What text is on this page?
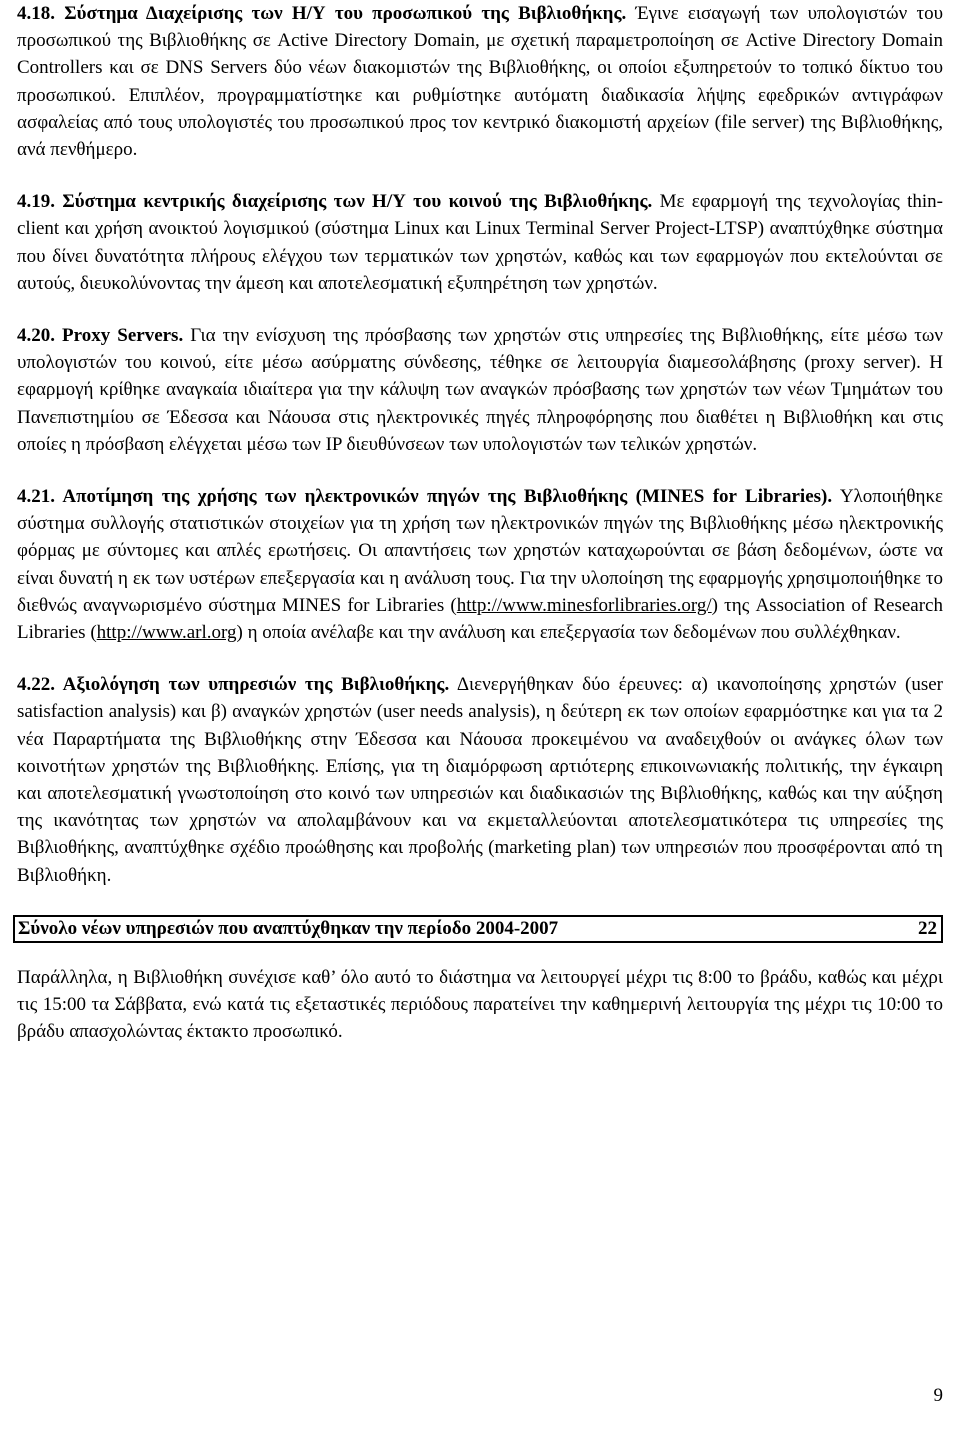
4.18. Σύστημα Διαχείρισης των Η/Υ του προσωπικού της Βιβλιοθήκης. Έγινε εισαγωγή των υπολογιστών του προσωπικού της Βιβλιοθήκης σε Active Directory Domain, με σχετική παραμετροποίηση σε Active Directory Domain Controllers και σε DNS Servers δύο νέων διακομιστών της Βιβλιοθήκης, οι οποίοι εξυπηρετούν το τοπικό δίκτυο του προσωπικού. Επιπλέον, προγραμματίστηκε και ρυθμίστηκε αυτόματη διαδικασία λήψης εφεδρικών αντιγράφων ασφαλείας από τους υπολογιστές του προσωπικού προς τον κεντρικό διακομιστή αρχείων (file server) της Βιβλιοθήκης, ανά πενθήμερο.

4.19. Σύστημα κεντρικής διαχείρισης των Η/Υ του κοινού της Βιβλιοθήκης. Με εφαρμογή της τεχνολογίας thin-client και χρήση ανοικτού λογισμικού (σύστημα Linux και Linux Terminal Server Project-LTSP) αναπτύχθηκε σύστημα που δίνει δυνατότητα πλήρους ελέγχου των τερματικών των χρηστών, καθώς και των εφαρμογών που εκτελούνται σε αυτούς, διευκολύνοντας την άμεση και αποτελεσματική εξυπηρέτηση των χρηστών.

4.20. Proxy Servers. Για την ενίσχυση της πρόσβασης των χρηστών στις υπηρεσίες της Βιβλιοθήκης, είτε μέσω των υπολογιστών του κοινού, είτε μέσω ασύρματης σύνδεσης, τέθηκε σε λειτουργία διαμεσολάβησης (proxy server). Η εφαρμογή κρίθηκε αναγκαία ιδιαίτερα για την κάλυψη των αναγκών πρόσβασης των χρηστών των νέων Τμημάτων του Πανεπιστημίου σε Έδεσσα και Νάουσα στις ηλεκτρονικές πηγές πληροφόρησης που διαθέτει η Βιβλιοθήκη και στις οποίες η πρόσβαση ελέγχεται μέσω των IP διευθύνσεων των υπολογιστών των τελικών χρηστών.

4.21. Αποτίμηση της χρήσης των ηλεκτρονικών πηγών της Βιβλιοθήκης (MINES for Libraries). Υλοποιήθηκε σύστημα συλλογής στατιστικών στοιχείων για τη χρήση των ηλεκτρονικών πηγών της Βιβλιοθήκης μέσω ηλεκτρονικής φόρμας με σύντομες και απλές ερωτήσεις. Οι απαντήσεις των χρηστών καταχωρούνται σε βάση δεδομένων, ώστε να είναι δυνατή η εκ των υστέρων επεξεργασία και η ανάλυση τους. Για την υλοποίηση της εφαρμογής χρησιμοποιήθηκε το διεθνώς αναγνωρισμένο σύστημα MINES for Libraries (http://www.minesforlibraries.org/) της Association of Research Libraries (http://www.arl.org) η οποία ανέλαβε και την ανάλυση και επεξεργασία των δεδομένων που συλλέχθηκαν.

4.22. Αξιολόγηση των υπηρεσιών της Βιβλιοθήκης. Διενεργήθηκαν δύο έρευνες: α) ικανοποίησης χρηστών (user satisfaction analysis) και β) αναγκών χρηστών (user needs analysis), η δεύτερη εκ των οποίων εφαρμόστηκε και για τα 2 νέα Παραρτήματα της Βιβλιοθήκης στην Έδεσσα και Νάουσα προκειμένου να αναδειχθούν οι ανάγκες όλων των κοινοτήτων χρηστών της Βιβλιοθήκης. Επίσης, για τη διαμόρφωση αρτιότερης επικοινωνιακής πολιτικής, την έγκαιρη και αποτελεσματική γνωστοποίηση στο κοινό των υπηρεσιών και διαδικασιών της Βιβλιοθήκης, καθώς και την αύξηση της ικανότητας των χρηστών να απολαμβάνουν και να εκμεταλλεύονται αποτελεσματικότερα τις υπηρεσίες της Βιβλιοθήκης, αναπτύχθηκε σχέδιο προώθησης και προβολής (marketing plan) των υπηρεσιών που προσφέρονται από τη Βιβλιοθήκη.

Σύνολο νέων υπηρεσιών που αναπτύχθηκαν την περίοδο 2004-2007	22

Παράλληλα, η Βιβλιοθήκη συνέχισε καθ’ όλο αυτό το διάστημα να λειτουργεί μέχρι τις 8:00 το βράδυ, καθώς και μέχρι τις 15:00 τα Σάββατα, ενώ κατά τις εξεταστικές περιόδους παρατείνει την καθημερινή λειτουργία της μέχρι τις 10:00 το βράδυ απασχολώντας έκτακτο προσωπικό.

9
